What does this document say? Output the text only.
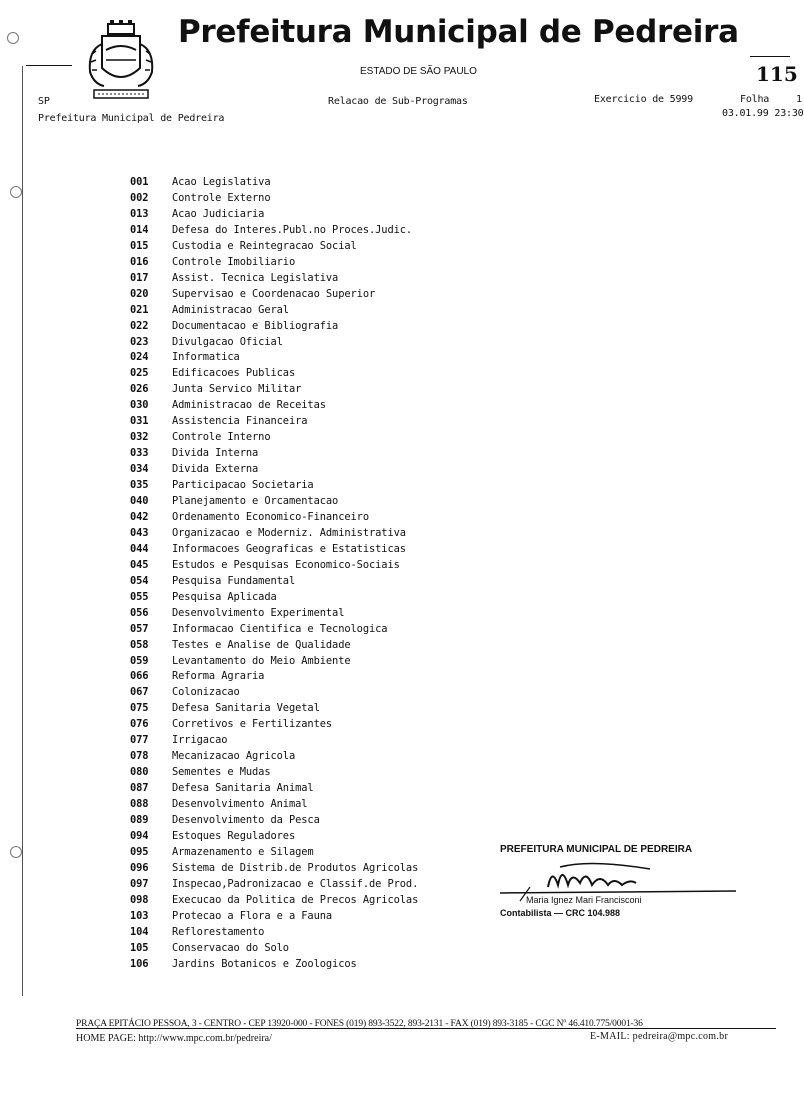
Prefeitura Municipal de Pedreira
ESTADO DE SÃO PAULO	115
SP
Prefeitura Municipal de Pedreira
Relacao de Sub-Programas	Exercicio de 5999	Folha	1
03.01.99 23:30
001 Acao Legislativa
002 Controle Externo
013 Acao Judiciaria
014 Defesa do Interes.Publ.no Proces.Judic.
015 Custodia e Reintegracao Social
016 Controle Imobiliario
017 Assist. Tecnica Legislativa
020 Supervisao e Coordenacao Superior
021 Administracao Geral
022 Documentacao e Bibliografia
023 Divulgacao Oficial
024 Informatica
025 Edificacoes Publicas
026 Junta Servico Militar
030 Administracao de Receitas
031 Assistencia Financeira
032 Controle Interno
033 Divida Interna
034 Divida Externa
035 Participacao Societaria
040 Planejamento e Orcamentacao
042 Ordenamento Economico-Financeiro
043 Organizacao e Moderniz. Administrativa
044 Informacoes Geograficas e Estatisticas
045 Estudos e Pesquisas Economico-Sociais
054 Pesquisa Fundamental
055 Pesquisa Aplicada
056 Desenvolvimento Experimental
057 Informacao Cientifica e Tecnologica
058 Testes e Analise de Qualidade
059 Levantamento do Meio Ambiente
066 Reforma Agraria
067 Colonizacao
075 Defesa Sanitaria Vegetal
076 Corretivos e Fertilizantes
077 Irrigacao
078 Mecanizacao Agricola
080 Sementes e Mudas
087 Defesa Sanitaria Animal
088 Desenvolvimento Animal
089 Desenvolvimento da Pesca
094 Estoques Reguladores
095 Armazenamento e Silagem
096 Sistema de Distrib.de Produtos Agricolas
097 Inspecao,Padronizacao e Classif.de Prod.
098 Execucao da Politica de Precos Agricolas
103 Protecao a Flora e a Fauna
104 Reflorestamento
105 Conservacao do Solo
106 Jardins Botanicos e Zoologicos
PREFEITURA MUNICIPAL DE PEDREIRA
Maria Ignez Mari Francisconi
Contabilista — CRC 104.988
PRAÇA EPITÁCIO PESSOA, 3 - CENTRO - CEP 13920-000 - FONES (019) 893-3522, 893-2131 - FAX (019) 893-3185 - CGC Nº 46.410.775/0001-36
HOME PAGE: http://www.mpc.com.br/pedreira/	E-MAIL: pedreira@mpc.com.br
